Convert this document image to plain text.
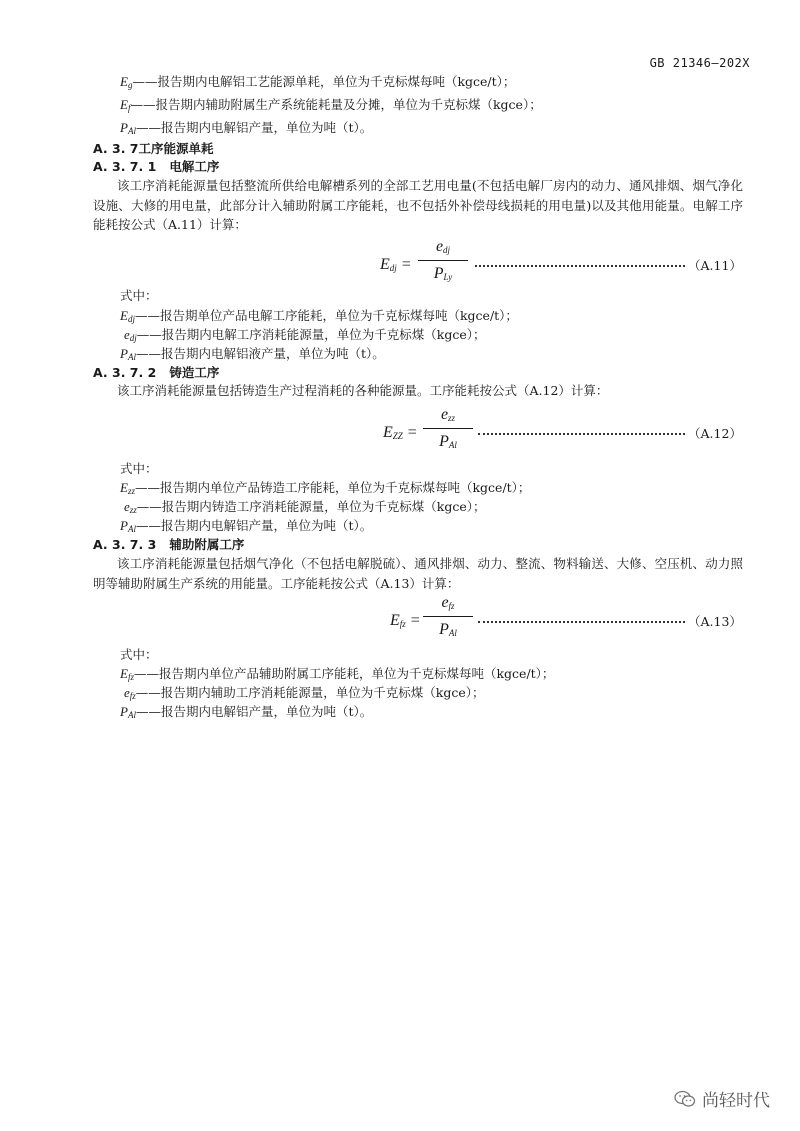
GB 21346—202X
$E_g——$报告期内电解铝工艺能源单耗，单位为千克标煤每吨（kgce/t）；
$E_f——$报告期内辅助附属生产系统能耗量及分摊，单位为千克标煤（kgce）；
$P_{Al}——$报告期内电解铝产量，单位为吨（t）。
A. 3. 7工序能源单耗
A. 3. 7. 1 电解工序
该工序消耗能源量包括整流所供给电解槽系列的全部工艺用电量(不包括电解厂房内的动力、通风排烟、烟气净化设施、大修的用电量，此部分计入辅助附属工序能耗，也不包括外补偿母线损耗的用电量)以及其他用能量。电解工序能耗按公式（A.11）计算：
$E_{dj}$ =
$e_{dj}$
$P_{Ly}$
（A.11）
式中：
$E_{dj}——$报告期单位产品电解工序能耗，单位为千克标煤每吨（kgce/t）；
$e_{dj}——$报告期内电解工序消耗能源量，单位为千克标煤（kgce）；
$P_{Al}——$报告期内电解铝液产量，单位为吨（t）。
A. 3. 7. 2 铸造工序
该工序消耗能源量包括铸造生产过程消耗的各种能源量。工序能耗按公式（A.12）计算：
$E_{ZZ}$ =
$e_{zz}$
$P_{Al}$
（A.12）
式中：
$E_{zz}——$报告期内单位产品铸造工序能耗，单位为千克标煤每吨（kgce/t）；
$e_{zz}——$报告期内铸造工序消耗能源量，单位为千克标煤（kgce）；
$P_{Al}——$报告期内电解铝产量，单位为吨（t）。
A. 3. 7. 3 辅助附属工序
该工序消耗能源量包括烟气净化（不包括电解脱硫）、通风排烟、动力、整流、物料输送、大修、空压机、动力照明等辅助附属生产系统的用能量。工序能耗按公式（A.13）计算：
$E_{fz}$ =
$e_{fz}$
$P_{Al}$
（A.13）
式中：
$E_{fz}——$报告期内单位产品辅助附属工序能耗，单位为千克标煤每吨（kgce/t）；
$e_{fz}——$报告期内辅助工序消耗能源量，单位为千克标煤（kgce）；
$P_{Al}——$报告期内电解铝产量，单位为吨（t）。
尚轻时代
